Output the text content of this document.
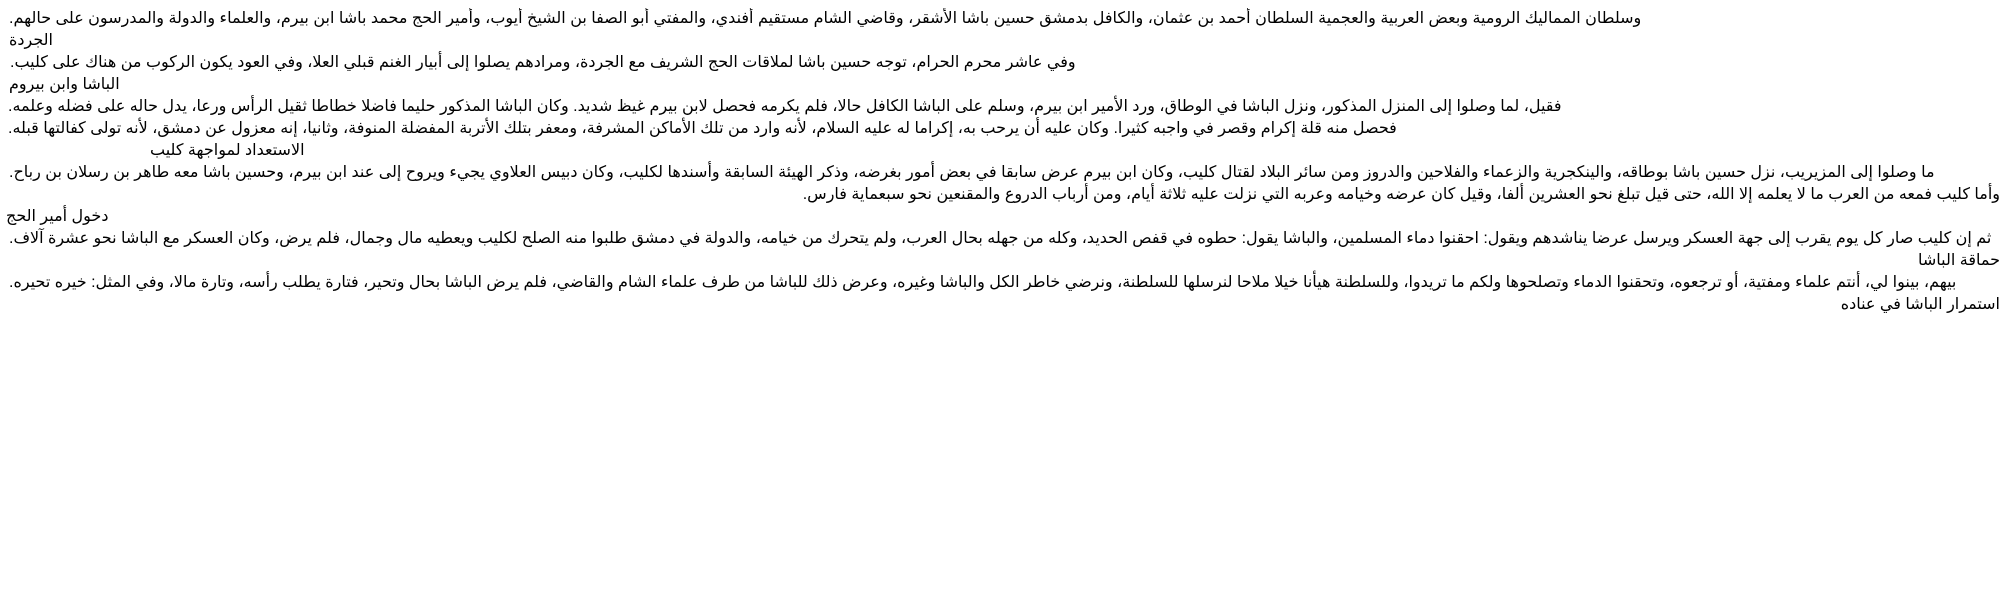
وسلطان المماليك الرومية وبعض العربية والعجمية السلطان أحمد بن عثمان، والكافل بدمشق حسين باشا الأشقر، وقاضي الشام مستقيم أفندي، والمفتي أبو الصفا بن الشيخ أيوب، وأمير الحج محمد باشا ابن بيرم، والعلماء والدولة والمدرسون على حالهم.
الجردة
وفي عاشر محرم الحرام، توجه حسين باشا لملاقات الحج الشريف مع الجردة، ومرادهم يصلوا إلى أبيار الغنم قبلي العلا، وفي العود يكون الركوب من هناك على كليب.
الباشا وابن بيروم
فقيل، لما وصلوا إلى المنزل المذكور، ونزل الباشا في الوطاق، ورد الأمير ابن بيرم، وسلم على الباشا الكافل حالا، فلم يكرمه فحصل لابن بيرم غيظ شديد. وكان الباشا المذكور حليما فاضلا خطاطا ثقيل الرأس ورعا، يدل حاله على فضله وعلمه.
فحصل منه قلة إكرام وقصر في واجبه كثيرا. وكان عليه أن يرحب به، إكراما له عليه السلام، لأنه وارد من تلك الأماكن المشرفة، ومعفر بتلك الأتربة المفضلة المنوفة، وثانيا، إنه معزول عن دمشق، لأنه تولى كفالتها قبله.
الاستعداد لمواجهة كليب
ما وصلوا إلى المزيريب، نزل حسين باشا بوطاقه، والينكجرية والزعماء والفلاحين والدروز ومن سائر البلاد لقتال كليب، وكان ابن بيرم عرض سابقا في بعض أمور بغرضه، وذكر الهيئة السابقة وأسندها لكليب، وكان دبيس العلاوي يجيء ويروح إلى عند ابن بيرم، وحسين باشا معه طاهر بن رسلان بن رباح.
وأما كليب فمعه من العرب ما لا يعلمه إلا الله، حتى قيل تبلغ نحو العشرين ألفا، وقيل كان عرضه وخيامه وعربه التي نزلت عليه ثلاثة أيام، ومن أرباب الدروع والمقنعين نحو سبعماية فارس.
دخول أمير الحج
ثم إن كليب صار كل يوم يقرب إلى جهة العسكر ويرسل عرضا يناشدهم ويقول: احقنوا دماء المسلمين، والباشا يقول: حطوه في قفص الحديد، وكله من جهله بحال العرب، ولم يتحرك من خيامه، والدولة في دمشق طلبوا منه الصلح لكليب ويعطيه مال وجمال، فلم يرض، وكان العسكر مع الباشا نحو عشرة آلاف.
حماقة الباشا
بيهم، بينوا لي، أنتم علماء ومفتية، أو ترجعوه، وتحقنوا الدماء وتصلحوها ولكم ما تريدوا، وللسلطنة هيأنا خيلا ملاحا لنرسلها للسلطنة، ونرضي خاطر الكل والباشا وغيره، وعرض ذلك للباشا من طرف علماء الشام والقاضي، فلم يرض الباشا بحال وتحير، فتارة يطلب رأسه، وتارة مالا، وفي المثل: خيره تحيره.
استمرار الباشا في عناده
